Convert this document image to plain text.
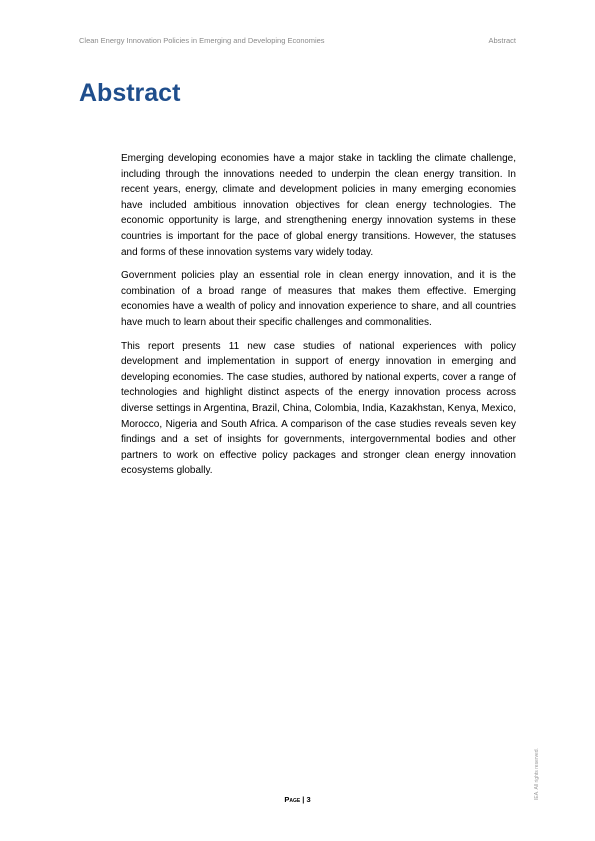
Clean Energy Innovation Policies in Emerging and Developing Economies	Abstract
Abstract

Emerging developing economies have a major stake in tackling the climate challenge, including through the innovations needed to underpin the clean energy transition. In recent years, energy, climate and development policies in many emerging economies have included ambitious innovation objectives for clean energy technologies. The economic opportunity is large, and strengthening energy innovation systems in these countries is important for the pace of global energy transitions. However, the statuses and forms of these innovation systems vary widely today.

Government policies play an essential role in clean energy innovation, and it is the combination of a broad range of measures that makes them effective. Emerging economies have a wealth of policy and innovation experience to share, and all countries have much to learn about their specific challenges and commonalities.

This report presents 11 new case studies of national experiences with policy development and implementation in support of energy innovation in emerging and developing economies. The case studies, authored by national experts, cover a range of technologies and highlight distinct aspects of the energy innovation process across diverse settings in Argentina, Brazil, China, Colombia, India, Kazakhstan, Kenya, Mexico, Morocco, Nigeria and South Africa. A comparison of the case studies reveals seven key findings and a set of insights for governments, intergovernmental bodies and other partners to work on effective policy packages and stronger clean energy innovation ecosystems globally.

IEA. All rights reserved.
Page | 3
